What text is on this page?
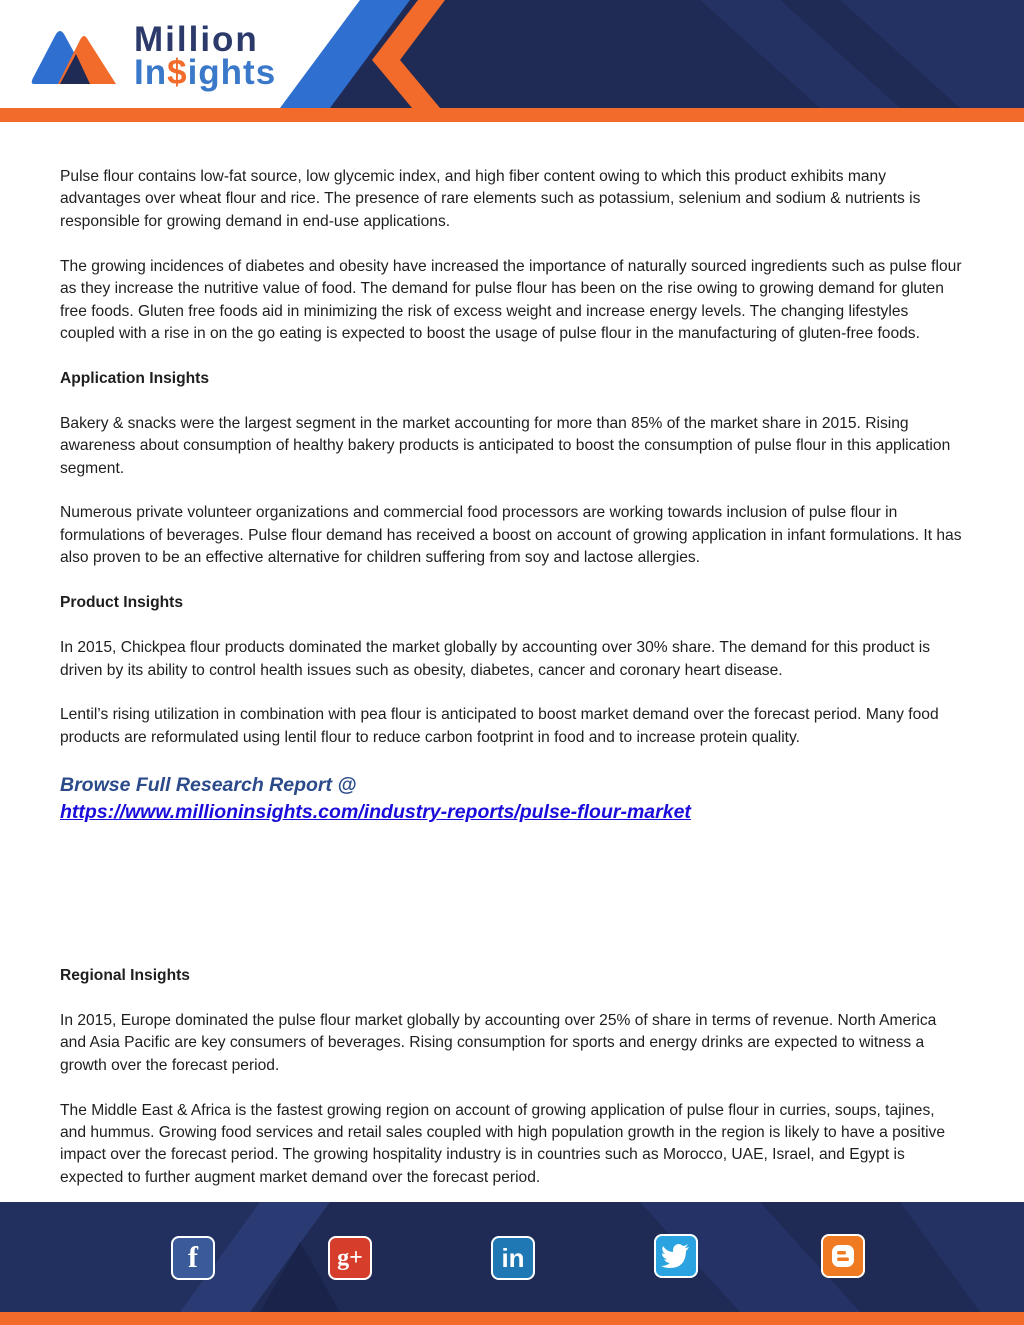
Million
In$ights

Pulse flour contains low-fat source, low glycemic index, and high fiber content owing to which this product exhibits many advantages over wheat flour and rice. The presence of rare elements such as potassium, selenium and sodium & nutrients is responsible for growing demand in end-use applications.

The growing incidences of diabetes and obesity have increased the importance of naturally sourced ingredients such as pulse flour as they increase the nutritive value of food. The demand for pulse flour has been on the rise owing to growing demand for gluten free foods. Gluten free foods aid in minimizing the risk of excess weight and increase energy levels. The changing lifestyles coupled with a rise in on the go eating is expected to boost the usage of pulse flour in the manufacturing of gluten-free foods.

Application Insights

Bakery & snacks were the largest segment in the market accounting for more than 85% of the market share in 2015. Rising awareness about consumption of healthy bakery products is anticipated to boost the consumption of pulse flour in this application segment.

Numerous private volunteer organizations and commercial food processors are working towards inclusion of pulse flour in formulations of beverages. Pulse flour demand has received a boost on account of growing application in infant formulations. It has also proven to be an effective alternative for children suffering from soy and lactose allergies.

Product Insights

In 2015, Chickpea flour products dominated the market globally by accounting over 30% share. The demand for this product is driven by its ability to control health issues such as obesity, diabetes, cancer and coronary heart disease.

Lentil’s rising utilization in combination with pea flour is anticipated to boost market demand over the forecast period. Many food products are reformulated using lentil flour to reduce carbon footprint in food and to increase protein quality.

Browse Full Research Report @
https://www.millioninsights.com/industry-reports/pulse-flour-market
Regional Insights

In 2015, Europe dominated the pulse flour market globally by accounting over 25% of share in terms of revenue. North America and Asia Pacific are key consumers of beverages. Rising consumption for sports and energy drinks are expected to witness a growth over the forecast period.

The Middle East & Africa is the fastest growing region on account of growing application of pulse flour in curries, soups, tajines, and hummus. Growing food services and retail sales coupled with high population growth in the region is likely to have a positive impact over the forecast period. The growing hospitality industry is in countries such as Morocco, UAE, Israel, and Egypt is expected to further augment market demand over the forecast period.

f	g+	in
